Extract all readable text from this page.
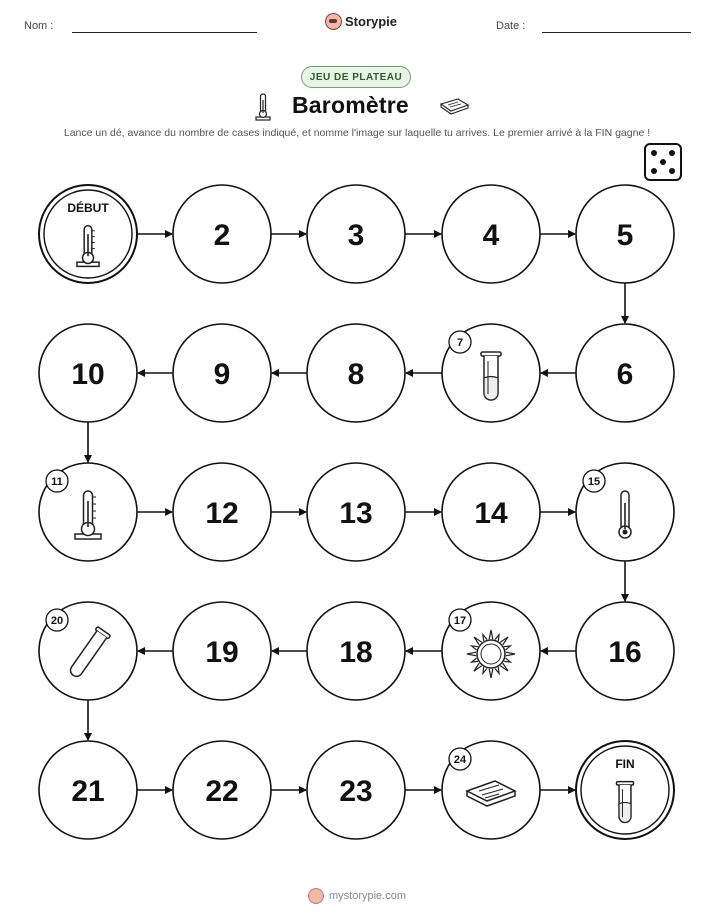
Nom :	Storypie	Date :
JEU DE PLATEAU
Baromètre
Lance un dé, avance du nombre de cases indiqué, et nomme l'image sur laquelle tu arrives. Le premier arrivé à la FIN gagne !
DÉBUT
2	3	4	5
6
7
8
9
10
11
12	13	14
15
16
17
18
19
20
21	22	23
24	FIN
mystorypie.com
